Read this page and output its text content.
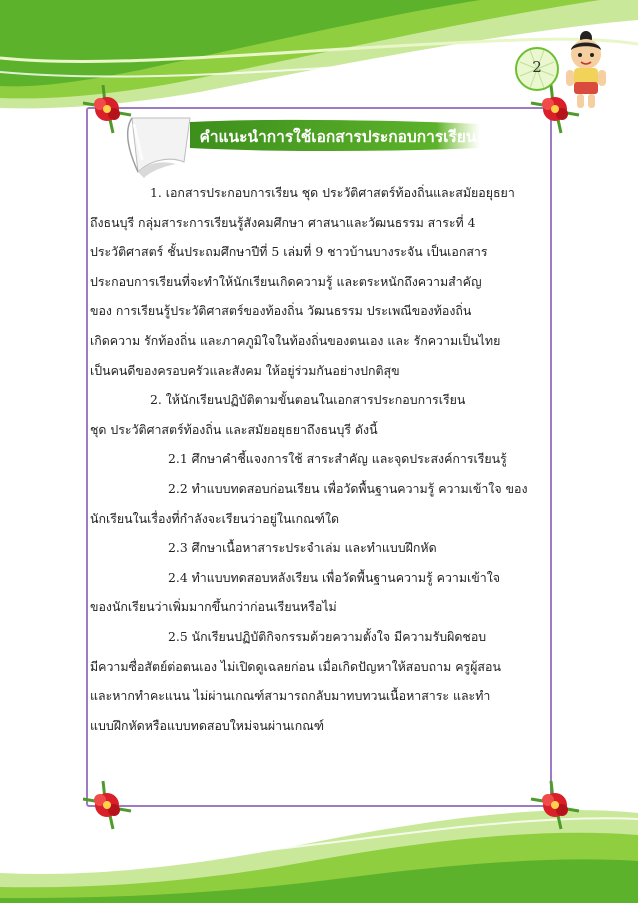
2
คำแนะนำการใช้เอกสารประกอบการเรียน
1. เอกสารประกอบการเรียน ชุด ประวัติศาสตร์ท้องถิ่นและสมัยอยุธยา
ถึงธนบุรี กลุ่มสาระการเรียนรู้สังคมศึกษา ศาสนาและวัฒนธรรม สาระที่ 4
ประวัติศาสตร์ ชั้นประถมศึกษาปีที่ 5 เล่มที่ 9 ชาวบ้านบางระจัน เป็นเอกสาร
ประกอบการเรียนที่จะทำให้นักเรียนเกิดความรู้ และตระหนักถึงความสำคัญ
ของ การเรียนรู้ประวัติศาสตร์ของท้องถิ่น วัฒนธรรม ประเพณีของท้องถิ่น
เกิดความ รักท้องถิ่น และภาคภูมิใจในท้องถิ่นของตนเอง และ รักความเป็นไทย
เป็นคนดีของครอบครัวและสังคม ให้อยู่ร่วมกันอย่างปกติสุข
2. ให้นักเรียนปฏิบัติตามขั้นตอนในเอกสารประกอบการเรียน
ชุด ประวัติศาสตร์ท้องถิ่น และสมัยอยุธยาถึงธนบุรี ดังนี้
2.1 ศึกษาคำชี้แจงการใช้ สาระสำคัญ และจุดประสงค์การเรียนรู้
2.2 ทำแบบทดสอบก่อนเรียน เพื่อวัดพื้นฐานความรู้ ความเข้าใจ ของ
นักเรียนในเรื่องที่กำลังจะเรียนว่าอยู่ในเกณฑ์ใด
2.3 ศึกษาเนื้อหาสาระประจำเล่ม และทำแบบฝึกหัด
2.4 ทำแบบทดสอบหลังเรียน เพื่อวัดพื้นฐานความรู้ ความเข้าใจ
ของนักเรียนว่าเพิ่มมากขึ้นกว่าก่อนเรียนหรือไม่
2.5 นักเรียนปฏิบัติกิจกรรมด้วยความตั้งใจ มีความรับผิดชอบ
มีความซื่อสัตย์ต่อตนเอง ไม่เปิดดูเฉลยก่อน เมื่อเกิดปัญหาให้สอบถาม ครูผู้สอน
และหากทำคะแนน ไม่ผ่านเกณฑ์สามารถกลับมาทบทวนเนื้อหาสาระ และทำ
แบบฝึกหัดหรือแบบทดสอบใหม่จนผ่านเกณฑ์
